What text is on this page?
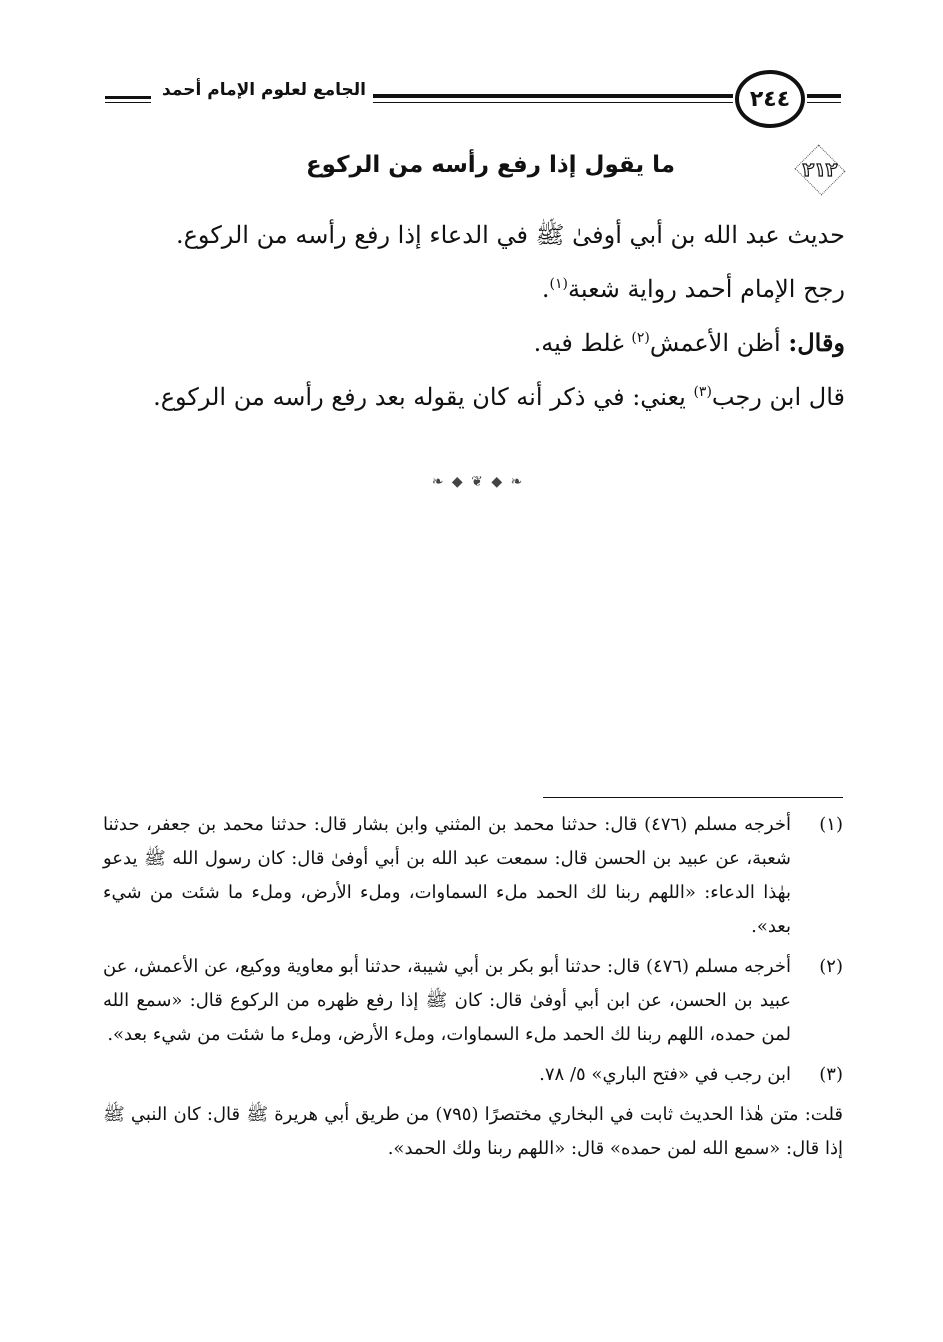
الجامع لعلوم الإمام أحمد	٢٤٤
٢١٢
ما يقول إذا رفع رأسه من الركوع

حديث عبد الله بن أبي أوفىٰ ﷺ في الدعاء إذا رفع رأسه من الركوع.

رجح الإمام أحمد رواية شعبة$^{(١)}$.

وقال: أظن الأعمش$^{(٢)}$ غلط فيه.

قال ابن رجب$^{(٣)}$ يعني: في ذكر أنه كان يقوله بعد رفع رأسه من الركوع.

❧ ◆ ❦ ◆ ❧
(١)
أخرجه مسلم (٤٧٦) قال: حدثنا محمد بن المثني وابن بشار قال: حدثنا محمد بن جعفر، حدثنا شعبة، عن عبيد بن الحسن قال: سمعت عبد الله بن أبي أوفىٰ قال: كان رسول الله ﷺ يدعو بهٰذا الدعاء: «اللهم ربنا لك الحمد ملء السماوات، وملء الأرض، وملء ما شئت من شيء بعد».
(٢)
أخرجه مسلم (٤٧٦) قال: حدثنا أبو بكر بن أبي شيبة، حدثنا أبو معاوية ووكيع، عن الأعمش، عن عبيد بن الحسن، عن ابن أبي أوفىٰ قال: كان ﷺ إذا رفع ظهره من الركوع قال: «سمع الله لمن حمده، اللهم ربنا لك الحمد ملء السماوات، وملء الأرض، وملء ما شئت من شيء بعد».
(٣)
ابن رجب في «فتح الباري» ٥/ ٧٨.
قلت: متن هٰذا الحديث ثابت في البخاري مختصرًا (٧٩٥) من طريق أبي هريرة ﷺ قال: كان النبي ﷺ إذا قال: «سمع الله لمن حمده» قال: «اللهم ربنا ولك الحمد».
